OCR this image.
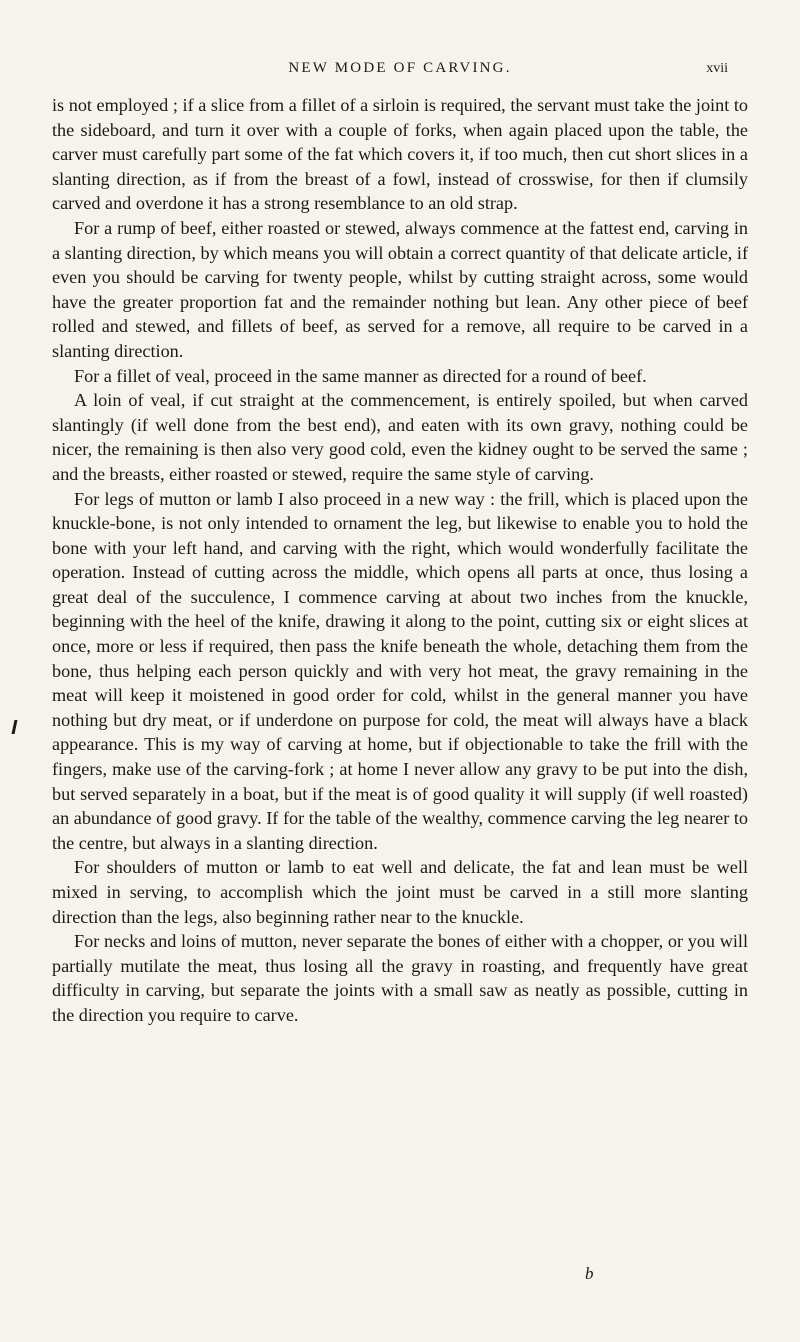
NEW MODE OF CARVING.	xvii

is not employed ; if a slice from a fillet of a sirloin is required, the servant must take the joint to the sideboard, and turn it over with a couple of forks, when again placed upon the table, the carver must carefully part some of the fat which covers it, if too much, then cut short slices in a slanting direction, as if from the breast of a fowl, instead of crosswise, for then if clumsily carved and overdone it has a strong resemblance to an old strap.

For a rump of beef, either roasted or stewed, always commence at the fattest end, carving in a slanting direction, by which means you will obtain a correct quantity of that delicate article, if even you should be carving for twenty people, whilst by cutting straight across, some would have the greater proportion fat and the remainder nothing but lean. Any other piece of beef rolled and stewed, and fillets of beef, as served for a remove, all require to be carved in a slanting direction.

For a fillet of veal, proceed in the same manner as directed for a round of beef.

A loin of veal, if cut straight at the commencement, is entirely spoiled, but when carved slantingly (if well done from the best end), and eaten with its own gravy, nothing could be nicer, the remaining is then also very good cold, even the kidney ought to be served the same ; and the breasts, either roasted or stewed, require the same style of carving.

For legs of mutton or lamb I also proceed in a new way : the frill, which is placed upon the knuckle-bone, is not only intended to ornament the leg, but likewise to enable you to hold the bone with your left hand, and carving with the right, which would wonderfully facilitate the operation. Instead of cutting across the middle, which opens all parts at once, thus losing a great deal of the succulence, I commence carving at about two inches from the knuckle, beginning with the heel of the knife, drawing it along to the point, cutting six or eight slices at once, more or less if required, then pass the knife beneath the whole, detaching them from the bone, thus helping each person quickly and with very hot meat, the gravy remaining in the meat will keep it moistened in good order for cold, whilst in the general manner you have nothing but dry meat, or if underdone on purpose for cold, the meat will always have a black appearance. This is my way of carving at home, but if objectionable to take the frill with the fingers, make use of the carving-fork ; at home I never allow any gravy to be put into the dish, but served separately in a boat, but if the meat is of good quality it will supply (if well roasted) an abundance of good gravy. If for the table of the wealthy, commence carving the leg nearer to the centre, but always in a slanting direction.

For shoulders of mutton or lamb to eat well and delicate, the fat and lean must be well mixed in serving, to accomplish which the joint must be carved in a still more slanting direction than the legs, also beginning rather near to the knuckle.

For necks and loins of mutton, never separate the bones of either with a chopper, or you will partially mutilate the meat, thus losing all the gravy in roasting, and frequently have great difficulty in carving, but separate the joints with a small saw as neatly as possible, cutting in the direction you require to carve.

b
